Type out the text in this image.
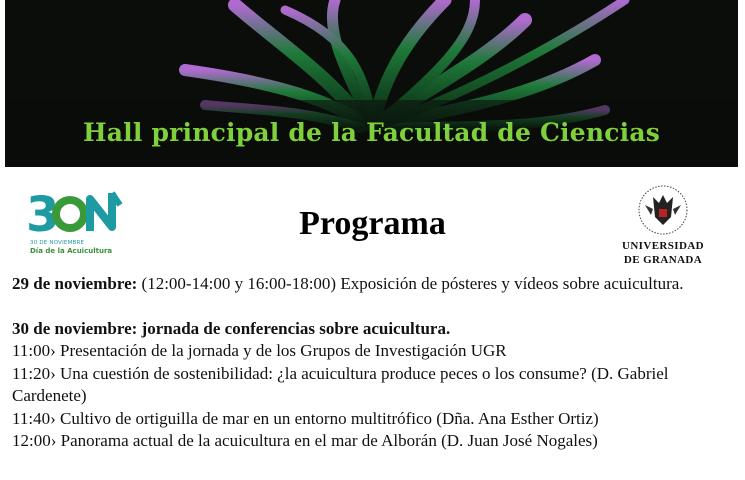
Hall principal de la Facultad de Ciencias
3
30 DE NOVIEMBRE
Día de la Acuicultura
Programa
UNIVERSIDAD
DE GRANADA

29 de noviembre: (12:00-14:00 y 16:00-18:00) Exposición de pósteres y vídeos sobre acuicultura.

30 de noviembre: jornada de conferencias sobre acuicultura.

11:00› Presentación de la jornada y de los Grupos de Investigación UGR

11:20› Una cuestión de sostenibilidad: ¿la acuicultura produce peces o los consume? (D. Gabriel Cardenete)

11:40› Cultivo de ortiguilla de mar en un entorno multitrófico (Dña. Ana Esther Ortiz)

12:00› Panorama actual de la acuicultura en el mar de Alborán (D. Juan José Nogales)
